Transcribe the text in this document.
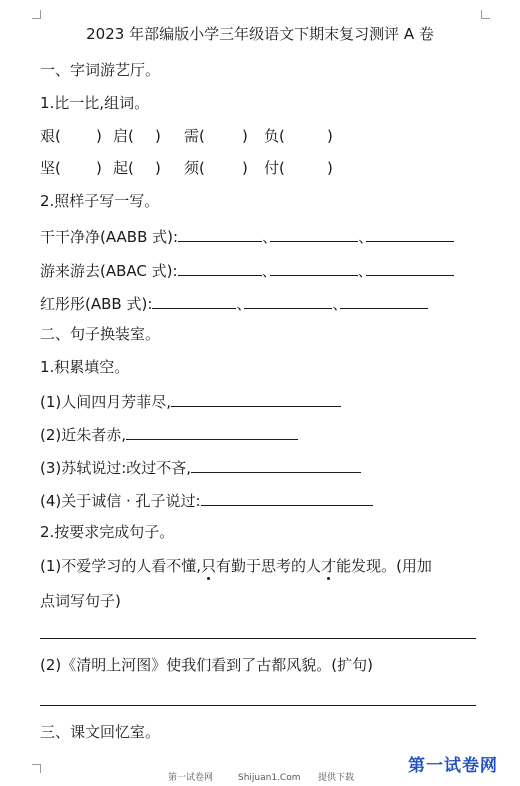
2023 年部编版小学三年级语文下期末复习测评 A 卷
一、字词游艺厅。
1.比一比,组词。
艰( ) 启( ) 需( ) 负(	)
坚( ) 起( ) 须( ) 付(	)
2.照样子写一写。
干干净净(AABB 式):	、	、
游来游去(ABAC 式):	、	、
红彤彤(ABB 式):	、	、
二、句子换装室。
1.积累填空。
(1)人间四月芳菲尽,
(2)近朱者赤,
(3)苏轼说过:改过不吝,
(4)关于诚信 · 孔子说过:
2.按要求完成句子。
(1)不爱学习的人看不懂,只有勤于思考的人才能发现。(用加
点词写句子)
(2)《清明上河图》使我们看到了古都风貌。(扩句)
三、课文回忆室。
第一试卷网	Shijuan1.Com 提供下载
第一试卷网
